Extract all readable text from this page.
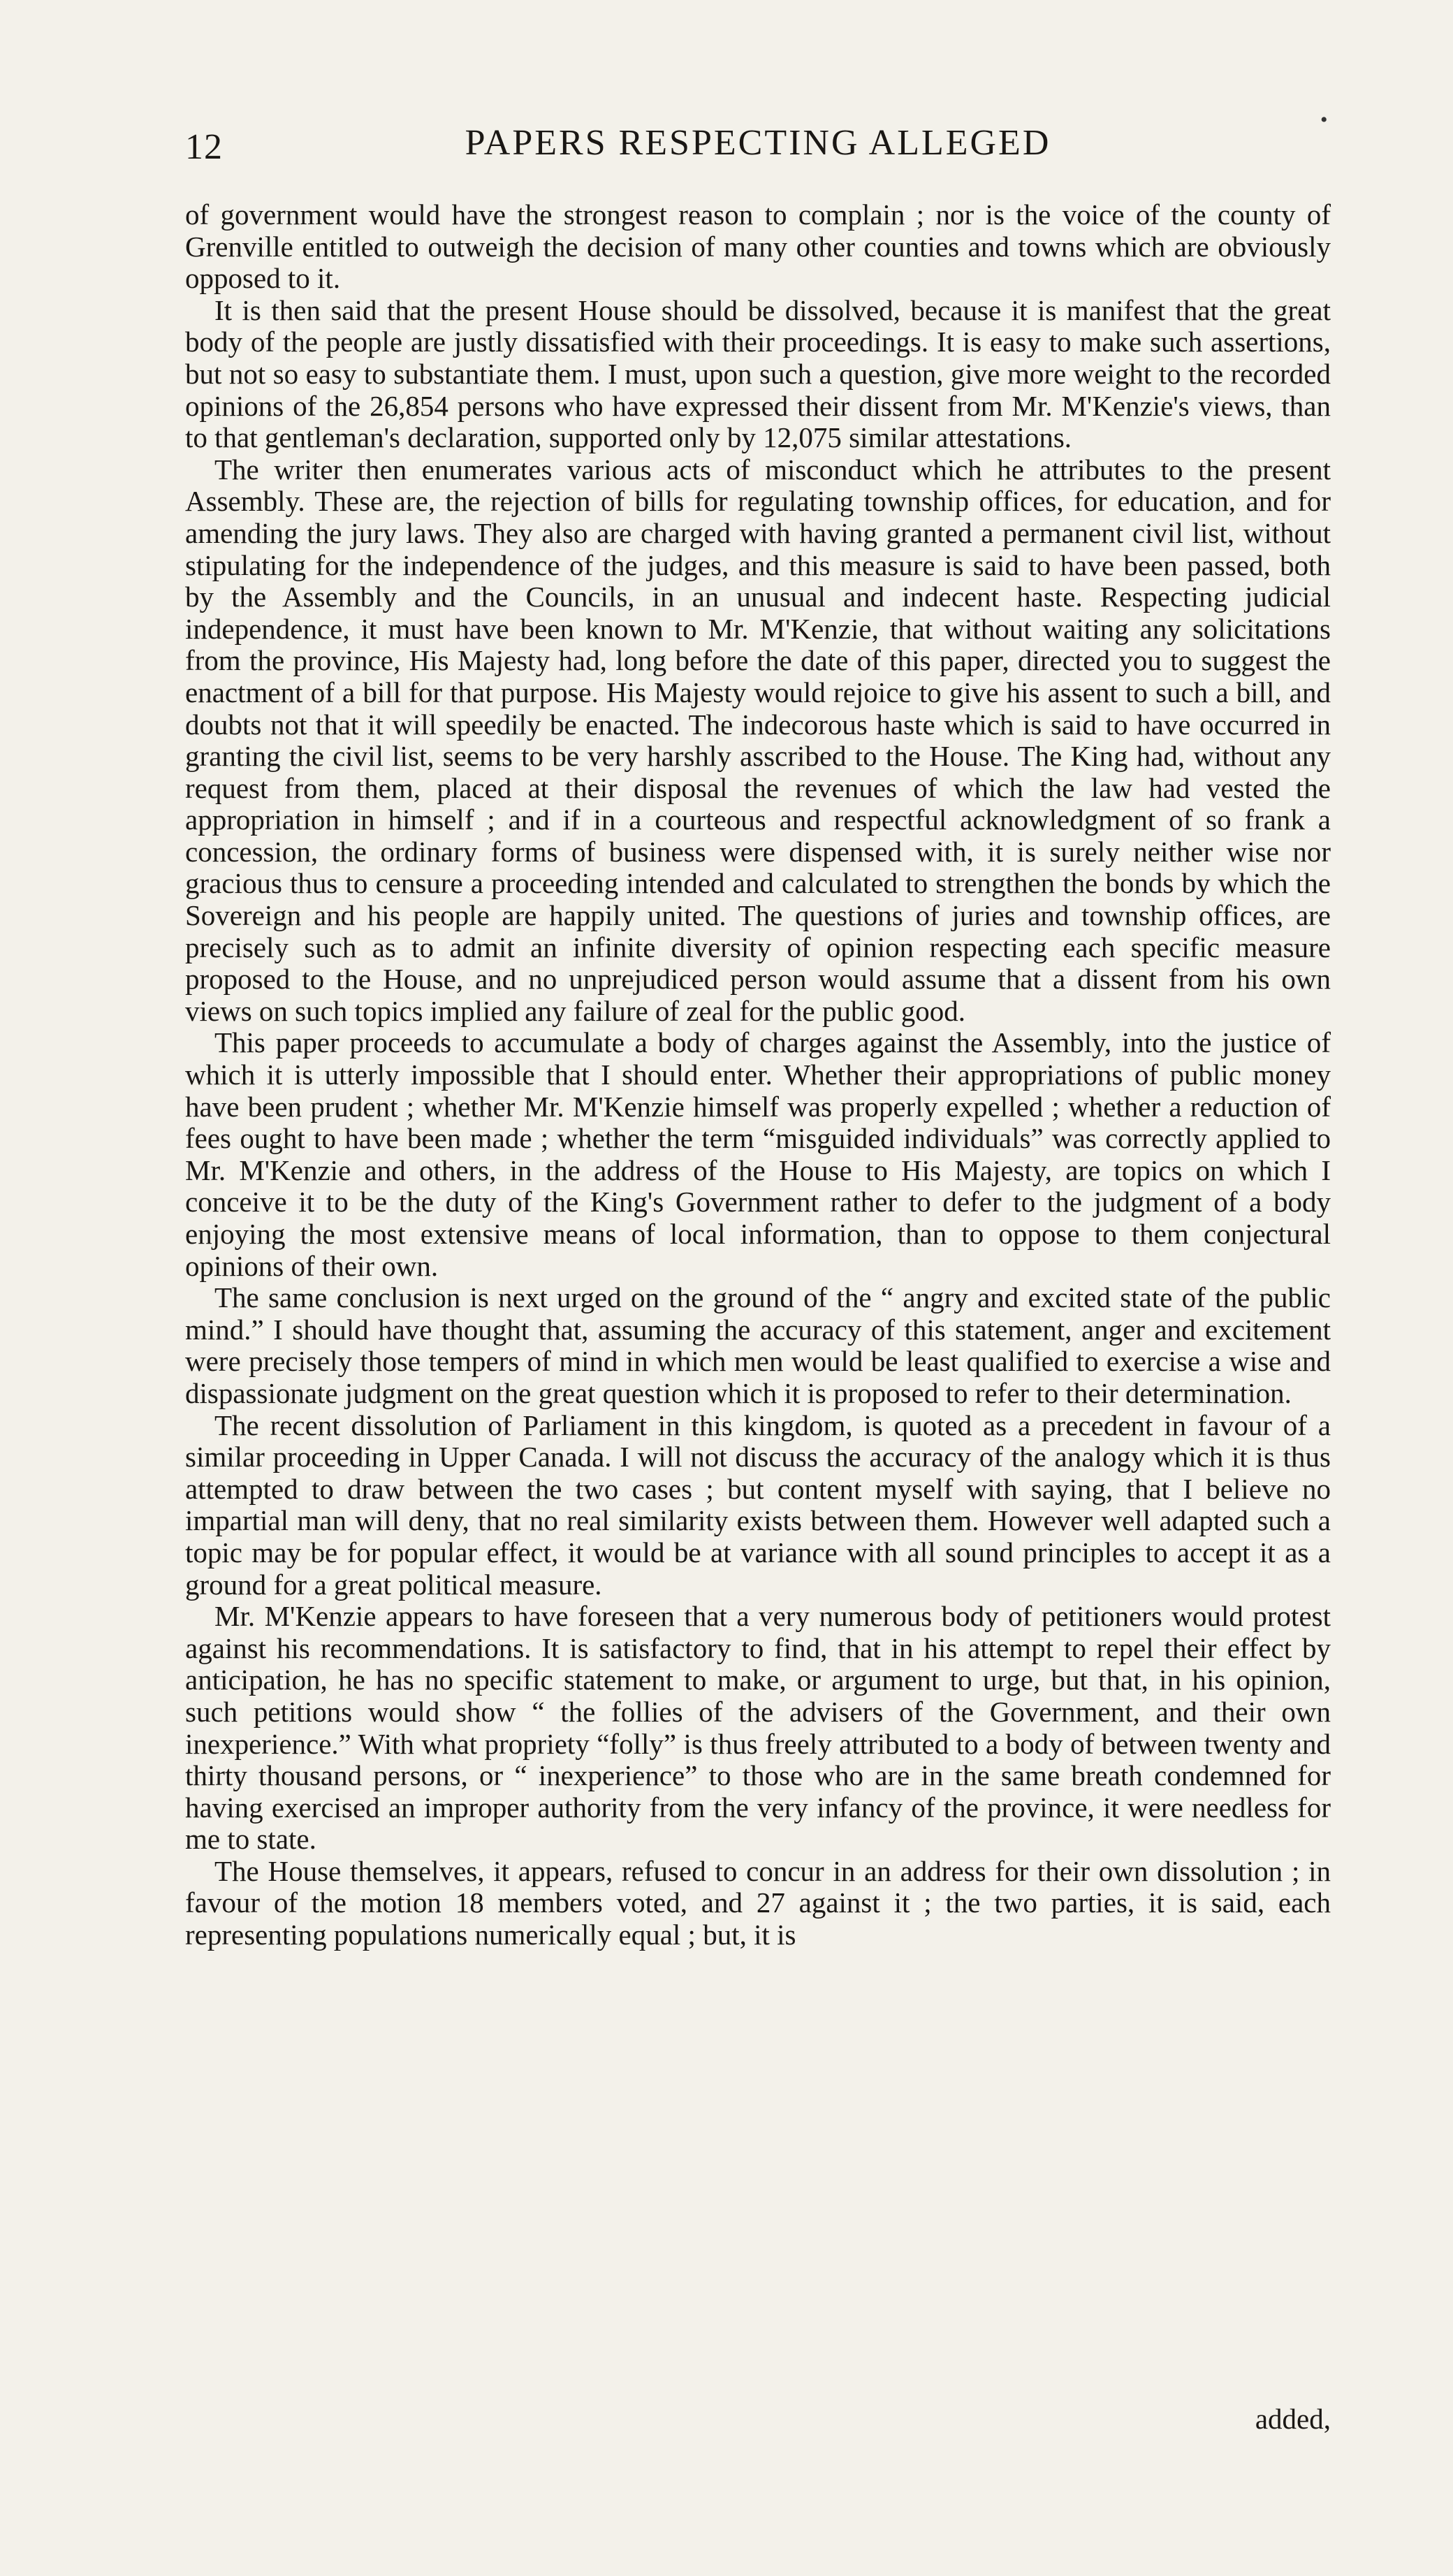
•
12	PAPERS RESPECTING ALLEGED

of government would have the strongest reason to complain ; nor is the voice of the county of Grenville entitled to outweigh the decision of many other counties and towns which are obviously opposed to it.

It is then said that the present House should be dissolved, because it is manifest that the great body of the people are justly dissatisfied with their proceedings. It is easy to make such assertions, but not so easy to substantiate them. I must, upon such a question, give more weight to the recorded opinions of the 26,854 persons who have expressed their dissent from Mr. M'Kenzie's views, than to that gentleman's declaration, supported only by 12,075 similar attestations.

The writer then enumerates various acts of misconduct which he attributes to the present Assembly. These are, the rejection of bills for regulating township offices, for education, and for amending the jury laws. They also are charged with having granted a permanent civil list, without stipulating for the independence of the judges, and this measure is said to have been passed, both by the Assembly and the Councils, in an unusual and indecent haste. Respecting judicial independence, it must have been known to Mr. M'Kenzie, that without waiting any solicitations from the province, His Majesty had, long before the date of this paper, directed you to suggest the enactment of a bill for that purpose. His Majesty would rejoice to give his assent to such a bill, and doubts not that it will speedily be enacted. The indecorous haste which is said to have occurred in granting the civil list, seems to be very harshly asscribed to the House. The King had, without any request from them, placed at their disposal the revenues of which the law had vested the appropriation in himself ; and if in a courteous and respectful acknowledgment of so frank a concession, the ordinary forms of business were dispensed with, it is surely neither wise nor gracious thus to censure a proceeding intended and calculated to strengthen the bonds by which the Sovereign and his people are happily united. The questions of juries and township offices, are precisely such as to admit an infinite diversity of opinion respecting each specific measure proposed to the House, and no unprejudiced person would assume that a dissent from his own views on such topics implied any failure of zeal for the public good.

This paper proceeds to accumulate a body of charges against the Assembly, into the justice of which it is utterly impossible that I should enter. Whether their appropriations of public money have been prudent ; whether Mr. M'Kenzie himself was properly expelled ; whether a reduction of fees ought to have been made ; whether the term “misguided individuals” was correctly applied to Mr. M'Kenzie and others, in the address of the House to His Majesty, are topics on which I conceive it to be the duty of the King's Government rather to defer to the judgment of a body enjoying the most extensive means of local information, than to oppose to them conjectural opinions of their own.

The same conclusion is next urged on the ground of the “ angry and excited state of the public mind.” I should have thought that, assuming the accuracy of this statement, anger and excitement were precisely those tempers of mind in which men would be least qualified to exercise a wise and dispassionate judgment on the great question which it is proposed to refer to their determination.

The recent dissolution of Parliament in this kingdom, is quoted as a precedent in favour of a similar proceeding in Upper Canada. I will not discuss the accuracy of the analogy which it is thus attempted to draw between the two cases ; but content myself with saying, that I believe no impartial man will deny, that no real similarity exists between them. However well adapted such a topic may be for popular effect, it would be at variance with all sound principles to accept it as a ground for a great political measure.

Mr. M'Kenzie appears to have foreseen that a very numerous body of petitioners would protest against his recommendations. It is satisfactory to find, that in his attempt to repel their effect by anticipation, he has no specific statement to make, or argument to urge, but that, in his opinion, such petitions would show “ the follies of the advisers of the Government, and their own inexperience.” With what propriety “folly” is thus freely attributed to a body of between twenty and thirty thousand persons, or “ inexperience” to those who are in the same breath condemned for having exercised an improper authority from the very infancy of the province, it were needless for me to state.

The House themselves, it appears, refused to concur in an address for their own dissolution ; in favour of the motion 18 members voted, and 27 against it ; the two parties, it is said, each representing populations numerically equal ; but, it is

added,
